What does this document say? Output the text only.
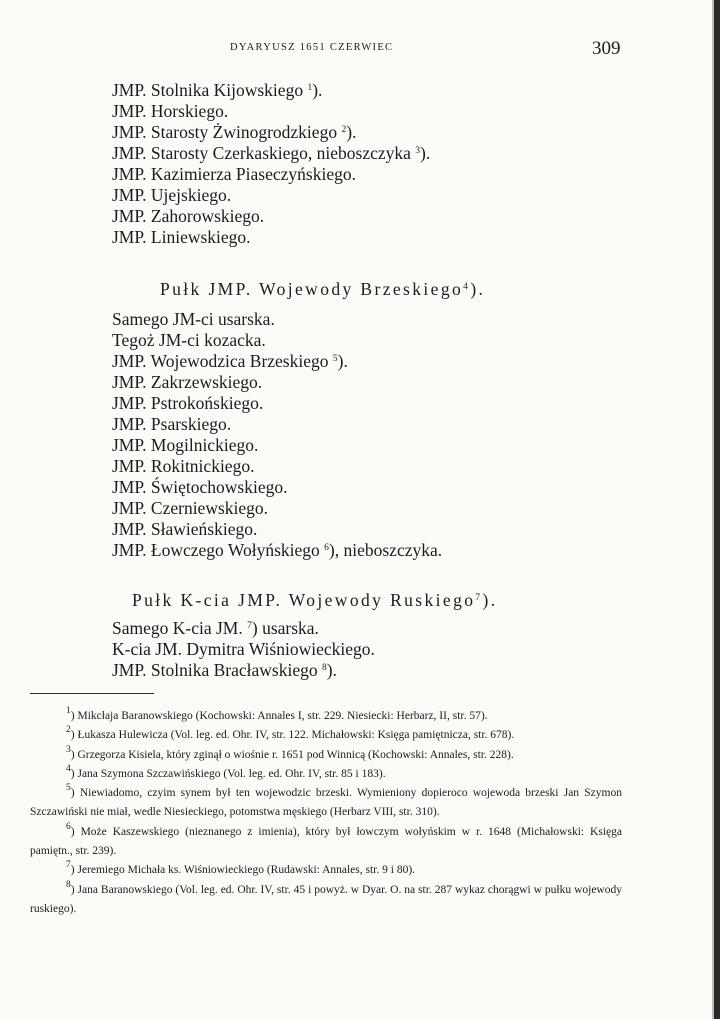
DYARYUSZ 1651 CZERWIEC	309
JMP. Stolnika Kijowskiego $^1$).
JMP. Horskiego.
JMP. Starosty Żwinogrodzkiego $^2$).
JMP. Starosty Czerkaskiego, nieboszczyka $^3$).
JMP. Kazimierza Piaseczyńskiego.
JMP. Ujejskiego.
JMP. Zahorowskiego.
JMP. Liniewskiego.
Pułk JMP. Wojewody Brzeskiego$^4$).
Samego JM-ci usarska.
Tegoż JM-ci kozacka.
JMP. Wojewodzica Brzeskiego $^5$).
JMP. Zakrzewskiego.
JMP. Pstrokońskiego.
JMP. Psarskiego.
JMP. Mogilnickiego.
JMP. Rokitnickiego.
JMP. Świętochowskiego.
JMP. Czerniewskiego.
JMP. Sławieńskiego.
JMP. Łowczego Wołyńskiego $^6$), nieboszczyka.
Pułk K-cia JMP. Wojewody Ruskiego$^7$).
Samego K-cia JM. $^7$) usarska.
K-cia JM. Dymitra Wiśniowieckiego.
JMP. Stolnika Bracławskiego $^8$).
$^1$) Mikcłaja Baranowskiego (Kochowski: Annales I, str. 229. Niesiecki: Herbarz, II, str. 57).
$^2$) Łukasza Hulewicza (Vol. leg. ed. Ohr. IV, str. 122. Michałowski: Księga pamiętnicza, str. 678).
$^3$) Grzegorza Kisiela, który zginął o wiośnie r. 1651 pod Winnicą (Kochowski: Annales, str. 228).
$^4$) Jana Szymona Szczawińskiego (Vol. leg. ed. Ohr. IV, str. 85 i 183).
$^5$) Niewiadomo, czyim synem był ten wojewodzic brzeski. Wymieniony dopieroco wojewoda brzeski Jan Szymon Szczawiński nie miał, wedle Niesieckiego, potomstwa męskiego (Herbarz VIII, str. 310).
$^6$) Może Kaszewskiego (nieznanego z imienia), który był łowczym wołyńskim w r. 1648 (Michałowski: Księga pamiętn., str. 239).
$^7$) Jeremiego Michała ks. Wiśniowieckiego (Rudawski: Annales, str. 9 i 80).
$^8$) Jana Baranowskiego (Vol. leg. ed. Ohr. IV, str. 45 i powyż. w Dyar. O. na str. 287 wykaz chorągwi w pułku wojewody ruskiego).
